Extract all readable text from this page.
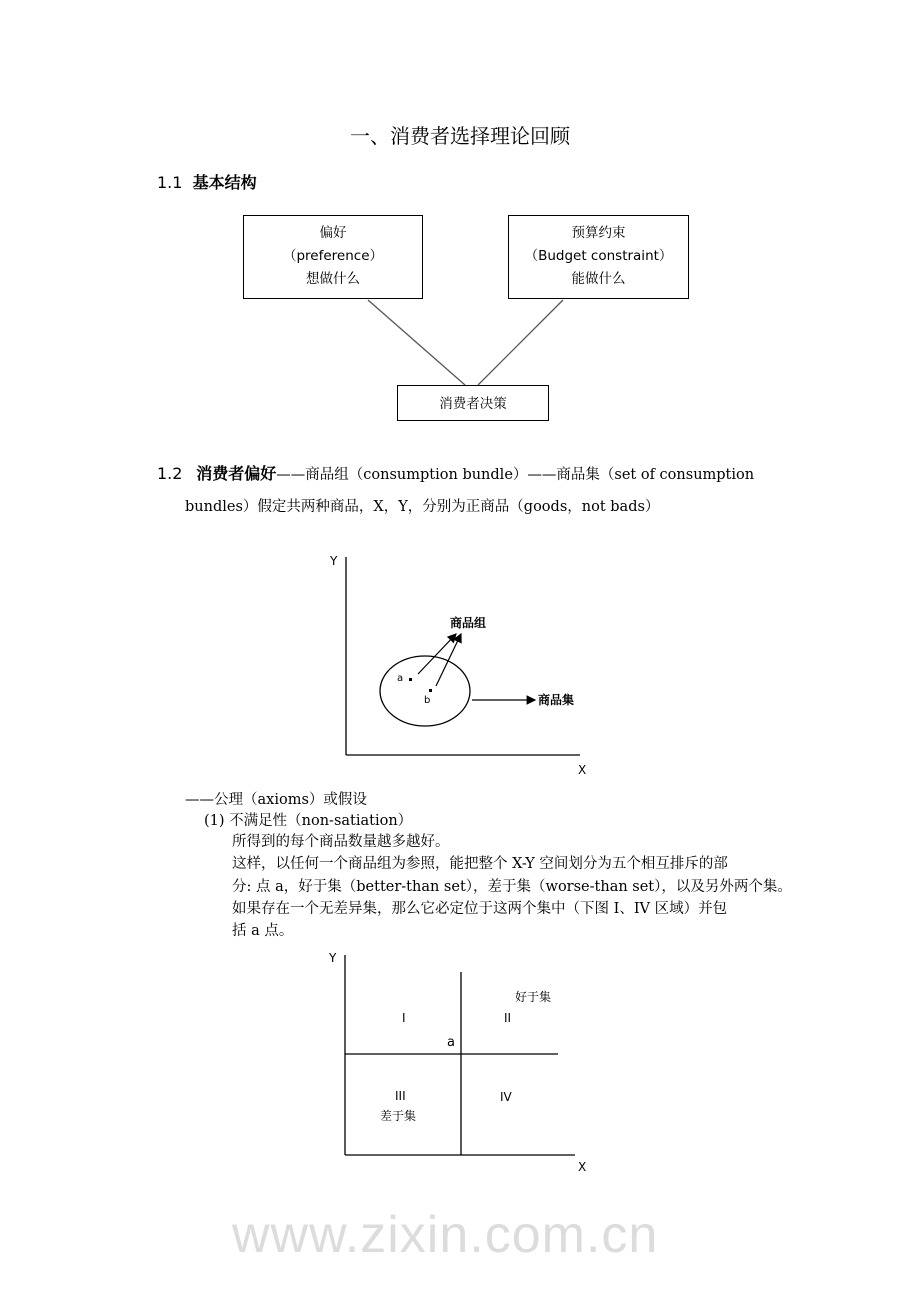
一、消费者选择理论回顾
1.1 基本结构
偏好
（preference）
想做什么
预算约束
（Budget constraint）
能做什么
消费者决策
1.2 消费者偏好——商品组（consumption bundle）——商品集（set of consumption
bundles）假定共两种商品，X，Y，分别为正商品（goods，not bads）
Y
X
a
b
商品组
商品集
www.zixin.com.cn
——公理（axioms）或假设
(1) 不满足性（non-satiation）
所得到的每个商品数量越多越好。
这样，以任何一个商品组为参照，能把整个 X-Y 空间划分为五个相互排斥的部
分: 点 a，好于集（better-than set），差于集（worse-than set），以及另外两个集。
如果存在一个无差异集，那么它必定位于这两个集中（下图 I、IV 区域）并包
括 a 点。
Y
X
I	II
好于集
a
III
差于集
IV
